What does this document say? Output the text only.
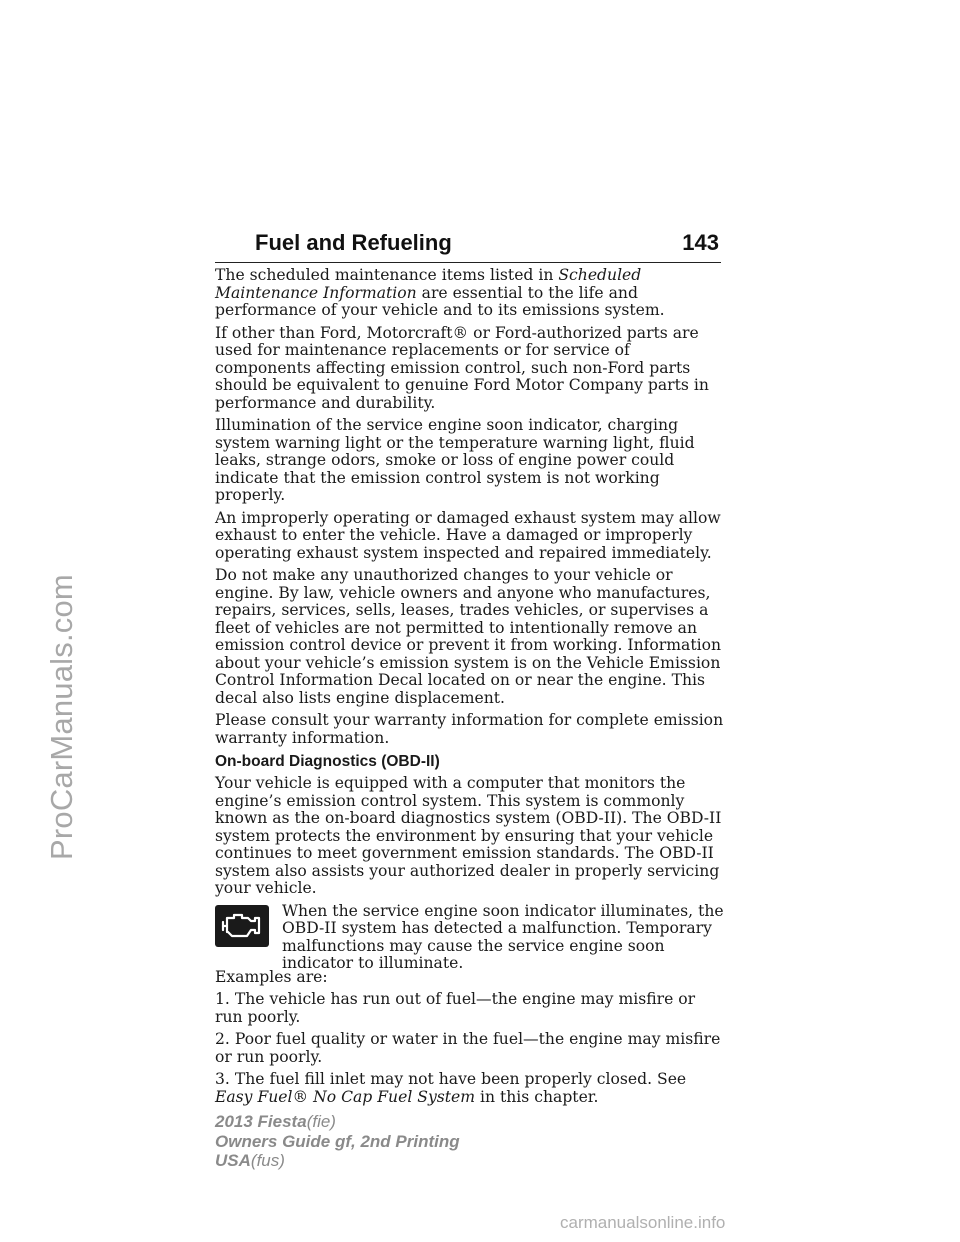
ProCarManuals.com
Fuel and Refueling	143

The scheduled maintenance items listed in Scheduled Maintenance Information are essential to the life and performance of your vehicle and to its emissions system.

If other than Ford, Motorcraft® or Ford-authorized parts are used for maintenance replacements or for service of components affecting emission control, such non-Ford parts should be equivalent to genuine Ford Motor Company parts in performance and durability.

Illumination of the service engine soon indicator, charging system warning light or the temperature warning light, fluid leaks, strange odors, smoke or loss of engine power could indicate that the emission control system is not working properly.

An improperly operating or damaged exhaust system may allow exhaust to enter the vehicle. Have a damaged or improperly operating exhaust system inspected and repaired immediately.

Do not make any unauthorized changes to your vehicle or engine. By law, vehicle owners and anyone who manufactures, repairs, services, sells, leases, trades vehicles, or supervises a fleet of vehicles are not permitted to intentionally remove an emission control device or prevent it from working. Information about your vehicle’s emission system is on the Vehicle Emission Control Information Decal located on or near the engine. This decal also lists engine displacement.

Please consult your warranty information for complete emission warranty information.

On-board Diagnostics (OBD-II)

Your vehicle is equipped with a computer that monitors the engine’s emission control system. This system is commonly known as the on-board diagnostics system (OBD-II). The OBD-II system protects the environment by ensuring that your vehicle continues to meet government emission standards. The OBD-II system also assists your authorized dealer in properly servicing your vehicle.

When the service engine soon indicator illuminates, the OBD-II system has detected a malfunction. Temporary malfunctions may cause the service engine soon indicator to illuminate.

Examples are:

1. The vehicle has run out of fuel—the engine may misfire or run poorly.

2. Poor fuel quality or water in the fuel—the engine may misfire or run poorly.

3. The fuel fill inlet may not have been properly closed. See Easy Fuel® No Cap Fuel System in this chapter.

2013 Fiesta(fie)
Owners Guide gf, 2nd Printing
USA(fus)
carmanualsonline.info
